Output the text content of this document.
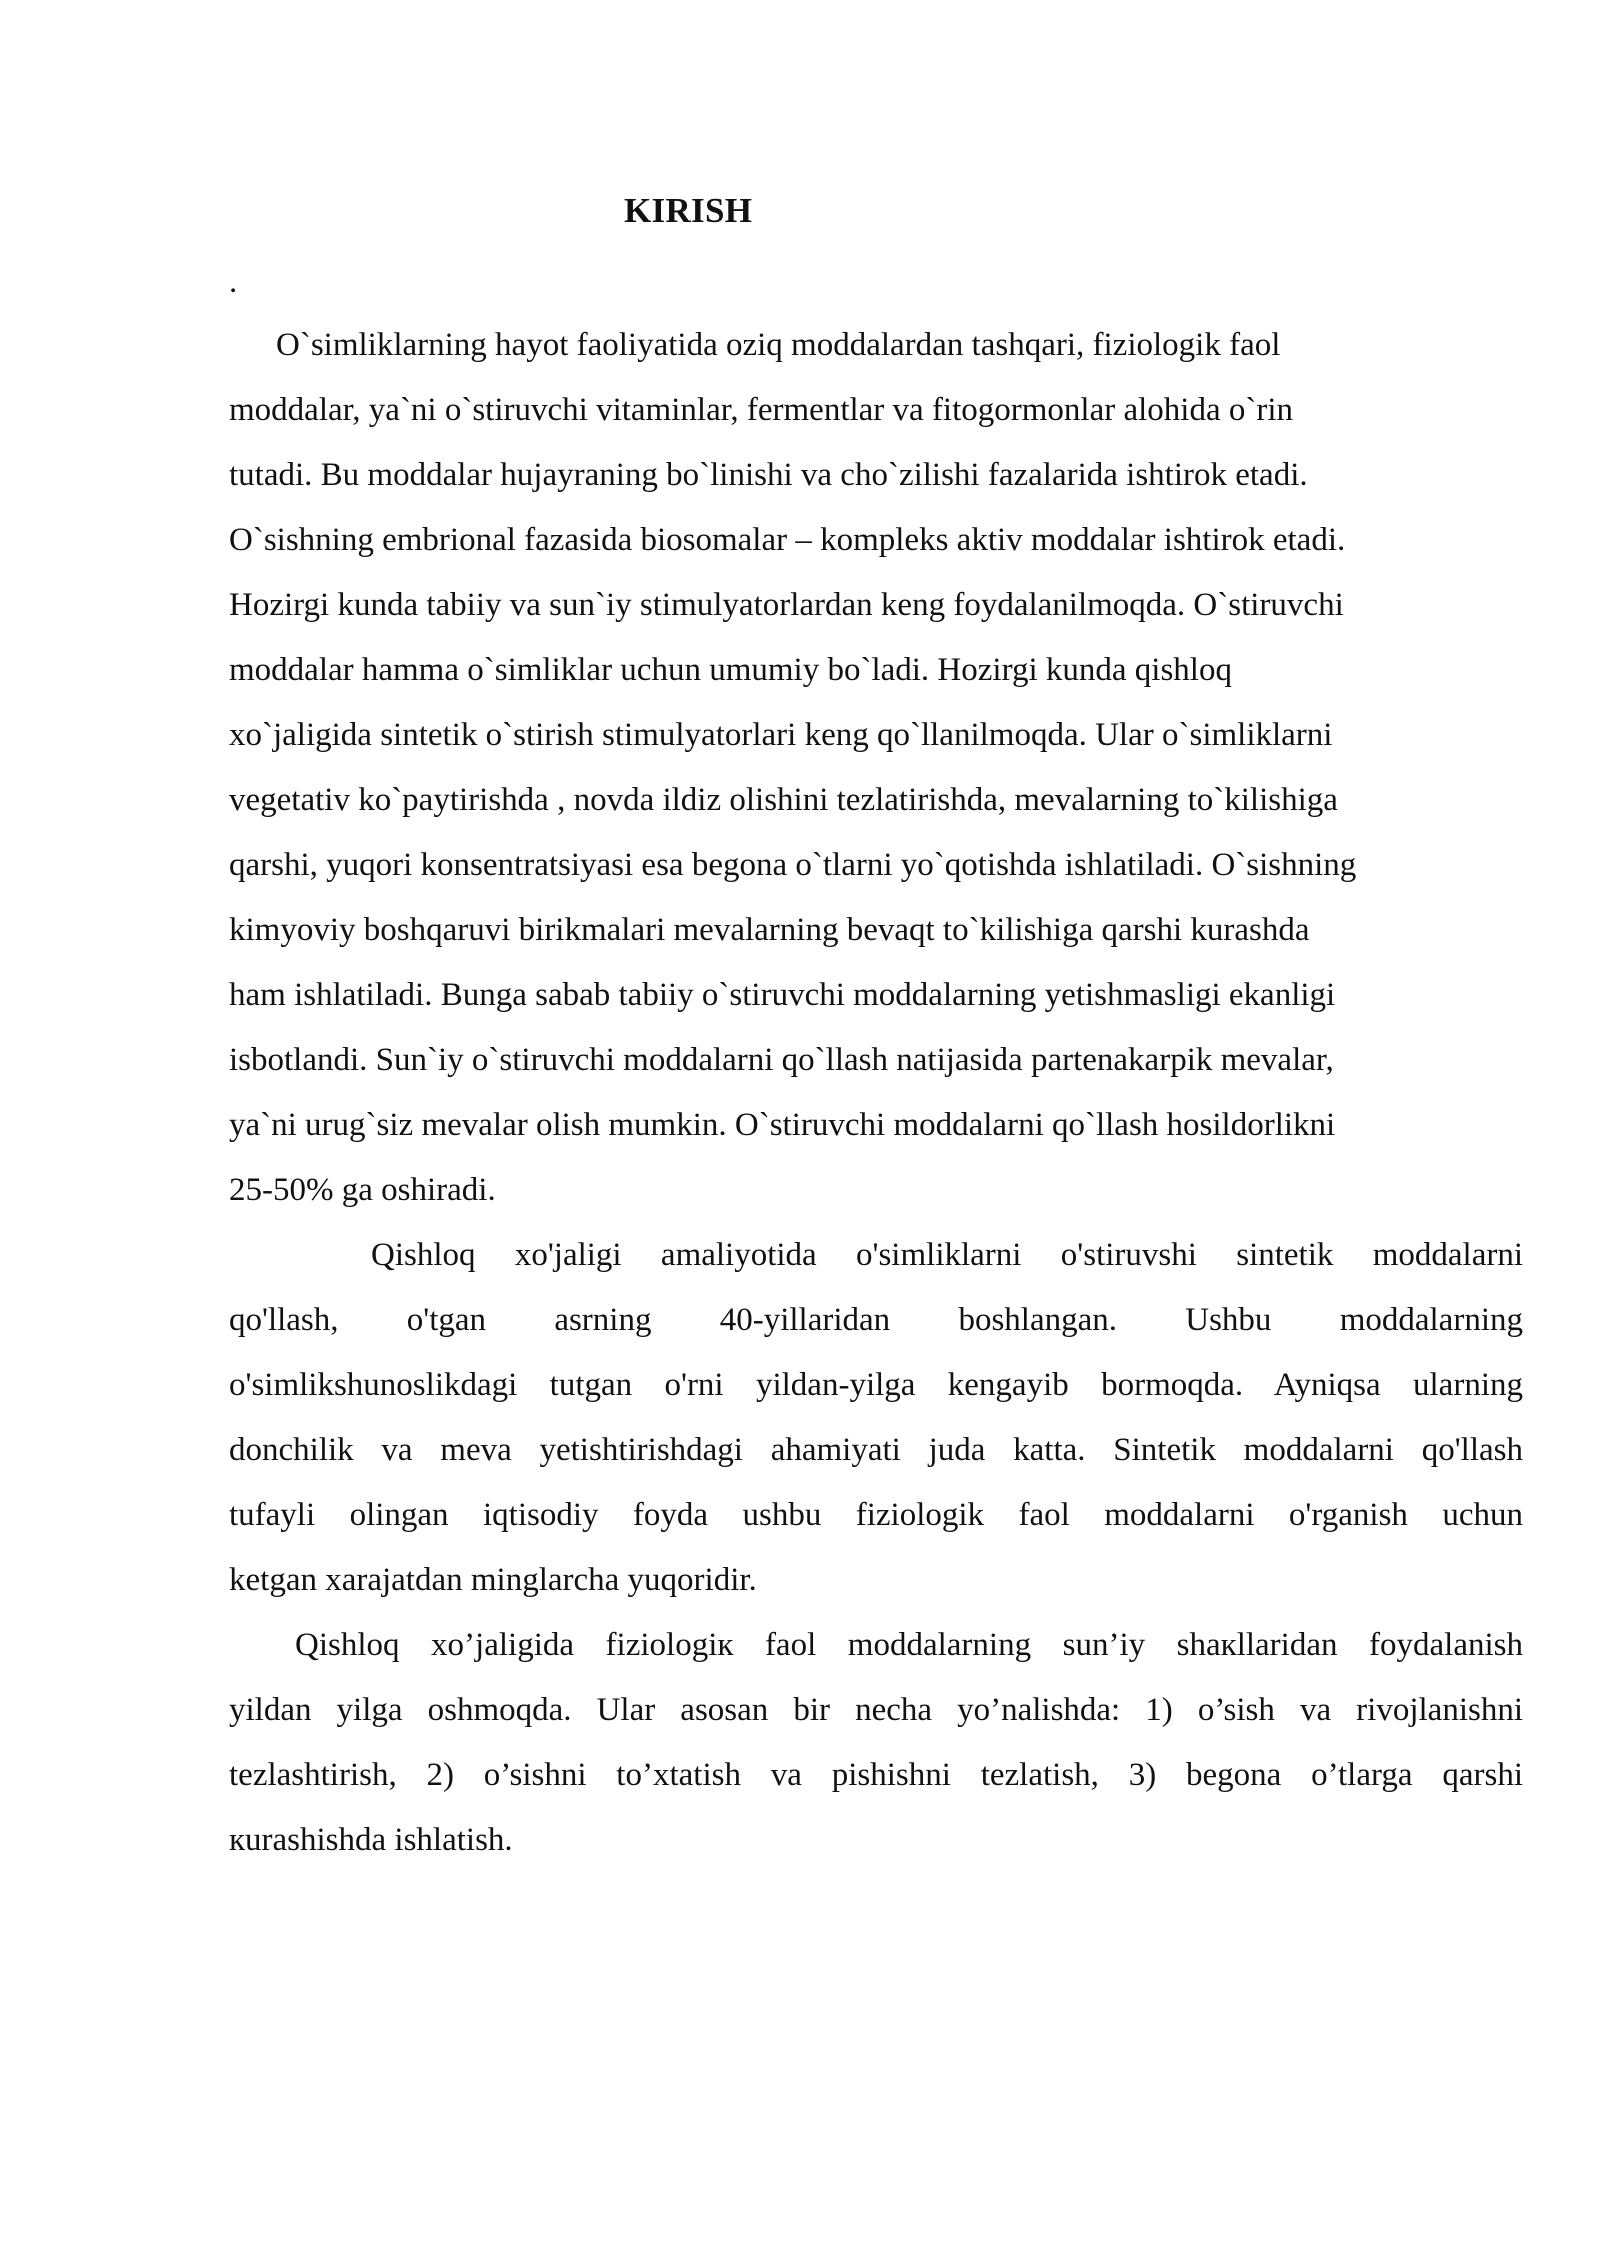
KIRISH
.
O`simliklarning hayot faoliyatida oziq moddalardan tashqari, fiziologik faol
moddalar, ya`ni o`stiruvchi vitaminlar, fermentlar va fitogormonlar alohida o`rin
tutadi. Bu moddalar hujayraning bo`linishi va cho`zilishi fazalarida ishtirok etadi.
O`sishning embrional fazasida biosomalar – kompleks aktiv moddalar ishtirok etadi.
Hozirgi kunda tabiiy va sun`iy stimulyatorlardan keng foydalanilmoqda. O`stiruvchi
moddalar hamma o`simliklar uchun umumiy bo`ladi. Hozirgi kunda qishloq
xo`jaligida sintetik o`stirish stimulyatorlari keng qo`llanilmoqda. Ular o`simliklarni
vegetativ ko`paytirishda , novda ildiz olishini tezlatirishda, mevalarning to`kilishiga
qarshi, yuqori konsentratsiyasi esa begona o`tlarni yo`qotishda ishlatiladi. O`sishning
kimyoviy boshqaruvi birikmalari mevalarning bevaqt to`kilishiga qarshi kurashda
ham ishlatiladi. Bunga sabab tabiiy o`stiruvchi moddalarning yetishmasligi ekanligi
isbotlandi. Sun`iy o`stiruvchi moddalarni qo`llash natijasida partenakarpik mevalar,
ya`ni urug`siz mevalar olish mumkin. O`stiruvchi moddalarni qo`llash hosildorlikni
25-50% ga oshiradi.
Qishloq xo'jaligi amaliyotida o'simliklarni o'stiruvshi sintetik moddalarni
qo'llash, o'tgan asrning 40-yillaridan boshlangan. Ushbu moddalarning
o'simlikshunoslikdagi tutgan o'rni yildan-yilga kengayib bormoqda. Ayniqsa ularning
donchilik va meva yetishtirishdagi ahamiyati juda katta. Sintetik moddalarni qo'llash
tufayli olingan iqtisodiy foyda ushbu fiziologik faol moddalarni o'rganish uchun
ketgan xarajatdan minglarcha yuqoridir.
Qishloq xo’jaligida fiziologiк faol moddalarning sun’iy shaкllaridan foydalanish
yildan yilga oshmoqda. Ular asosan bir necha yo’nalishda: 1) o’sish va rivojlanishni
tezlashtirish, 2) o’sishni to’xtatish va pishishni tezlatish, 3) begona o’tlarga qarshi
кurashishda ishlatish.
